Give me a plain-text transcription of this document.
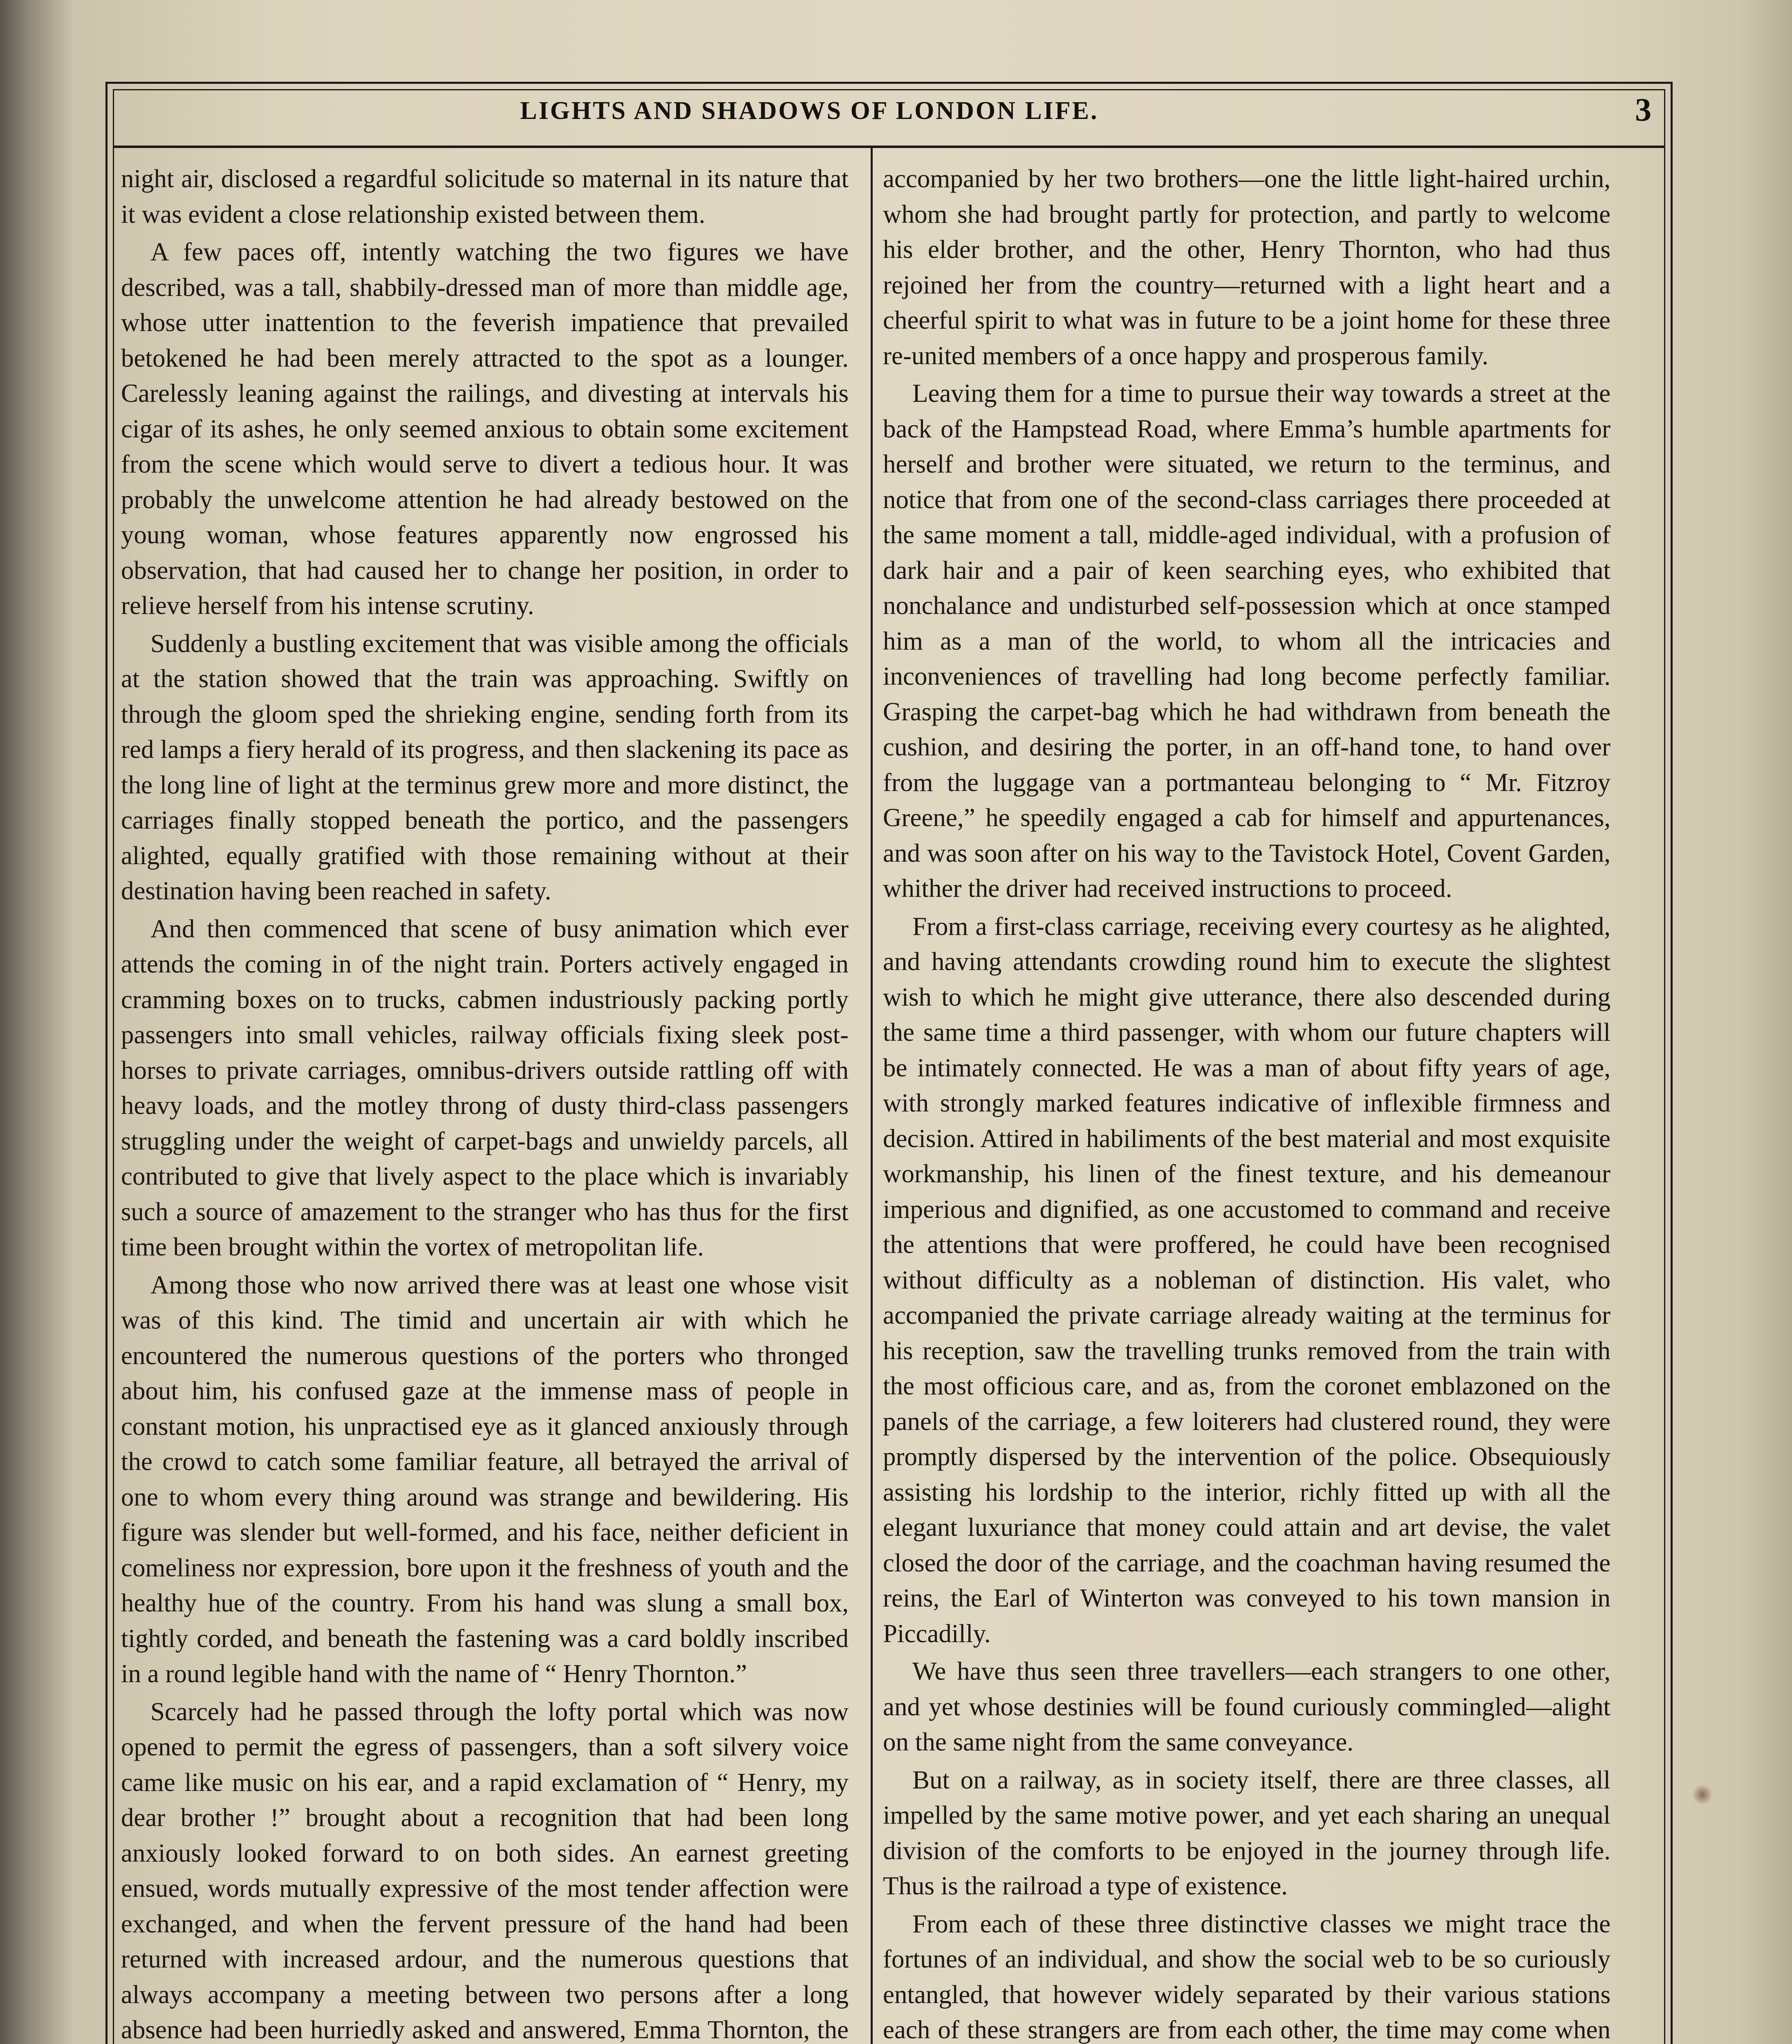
LIGHTS AND SHADOWS OF LONDON LIFE.	3

night air, disclosed a regardful solicitude so maternal in its nature that it was evident a close relationship existed between them.

A few paces off, intently watching the two figures we have described, was a tall, shabbily-dressed man of more than middle age, whose utter inattention to the feverish impatience that prevailed betokened he had been merely attracted to the spot as a lounger. Carelessly leaning against the railings, and divesting at intervals his cigar of its ashes, he only seemed anxious to obtain some excitement from the scene which would serve to divert a tedious hour. It was probably the unwelcome attention he had already bestowed on the young woman, whose features apparently now engrossed his observation, that had caused her to change her position, in order to relieve herself from his intense scrutiny.

Suddenly a bustling excitement that was visible among the officials at the station showed that the train was approaching. Swiftly on through the gloom sped the shrieking engine, sending forth from its red lamps a fiery herald of its progress, and then slackening its pace as the long line of light at the terminus grew more and more distinct, the carriages finally stopped beneath the portico, and the passengers alighted, equally gratified with those remaining without at their destination having been reached in safety.

And then commenced that scene of busy animation which ever attends the coming in of the night train. Porters actively engaged in cramming boxes on to trucks, cabmen industriously packing portly passengers into small vehicles, railway officials fixing sleek post-horses to private carriages, omnibus-drivers outside rattling off with heavy loads, and the motley throng of dusty third-class passengers struggling under the weight of carpet-bags and unwieldy parcels, all contributed to give that lively aspect to the place which is invariably such a source of amazement to the stranger who has thus for the first time been brought within the vortex of metropolitan life.

Among those who now arrived there was at least one whose visit was of this kind. The timid and uncertain air with which he encountered the numerous questions of the porters who thronged about him, his confused gaze at the immense mass of people in constant motion, his unpractised eye as it glanced anxiously through the crowd to catch some familiar feature, all betrayed the arrival of one to whom every thing around was strange and bewildering. His figure was slender but well-formed, and his face, neither deficient in comeliness nor expression, bore upon it the freshness of youth and the healthy hue of the country. From his hand was slung a small box, tightly corded, and beneath the fastening was a card boldly inscribed in a round legible hand with the name of “ Henry Thornton.”

Scarcely had he passed through the lofty portal which was now opened to permit the egress of passengers, than a soft silvery voice came like music on his ear, and a rapid exclamation of “ Henry, my dear brother !” brought about a recognition that had been long anxiously looked forward to on both sides. An earnest greeting ensued, words mutually expressive of the most tender affection were exchanged, and when the fervent pressure of the hand had been returned with increased ardour, and the numerous questions that always accompany a meeting between two persons after a long absence had been hurriedly asked and answered, Emma Thornton, the

accompanied by her two brothers—one the little light-haired urchin, whom she had brought partly for protection, and partly to welcome his elder brother, and the other, Henry Thornton, who had thus rejoined her from the country—returned with a light heart and a cheerful spirit to what was in future to be a joint home for these three re-united members of a once happy and prosperous family.

Leaving them for a time to pursue their way towards a street at the back of the Hampstead Road, where Emma’s humble apartments for herself and brother were situated, we return to the terminus, and notice that from one of the second-class carriages there proceeded at the same moment a tall, middle-aged individual, with a profusion of dark hair and a pair of keen searching eyes, who exhibited that nonchalance and undisturbed self-possession which at once stamped him as a man of the world, to whom all the intricacies and inconveniences of travelling had long become perfectly familiar. Grasping the carpet-bag which he had withdrawn from beneath the cushion, and desiring the porter, in an off-hand tone, to hand over from the luggage van a portmanteau belonging to “ Mr. Fitzroy Greene,” he speedily engaged a cab for himself and appurtenances, and was soon after on his way to the Tavistock Hotel, Covent Garden, whither the driver had received instructions to proceed.

From a first-class carriage, receiving every courtesy as he alighted, and having attendants crowding round him to execute the slightest wish to which he might give utterance, there also descended during the same time a third passenger, with whom our future chapters will be intimately connected. He was a man of about fifty years of age, with strongly marked features indicative of inflexible firmness and decision. Attired in habiliments of the best material and most exquisite workmanship, his linen of the finest texture, and his demeanour imperious and dignified, as one accustomed to command and receive the attentions that were proffered, he could have been recognised without difficulty as a nobleman of distinction. His valet, who accompanied the private carriage already waiting at the terminus for his reception, saw the travelling trunks removed from the train with the most officious care, and as, from the coronet emblazoned on the panels of the carriage, a few loiterers had clustered round, they were promptly dispersed by the intervention of the police. Obsequiously assisting his lordship to the interior, richly fitted up with all the elegant luxuriance that money could attain and art devise, the valet closed the door of the carriage, and the coachman having resumed the reins, the Earl of Winterton was conveyed to his town mansion in Piccadilly.

We have thus seen three travellers—each strangers to one other, and yet whose destinies will be found curiously commingled—alight on the same night from the same conveyance.

But on a railway, as in society itself, there are three classes, all impelled by the same motive power, and yet each sharing an unequal division of the comforts to be enjoyed in the journey through life. Thus is the railroad a type of existence.

From each of these three distinctive classes we might trace the fortunes of an individual, and show the social web to be so curiously entangled, that however widely separated by their various stations each of these strangers are from each other, the time may come when
